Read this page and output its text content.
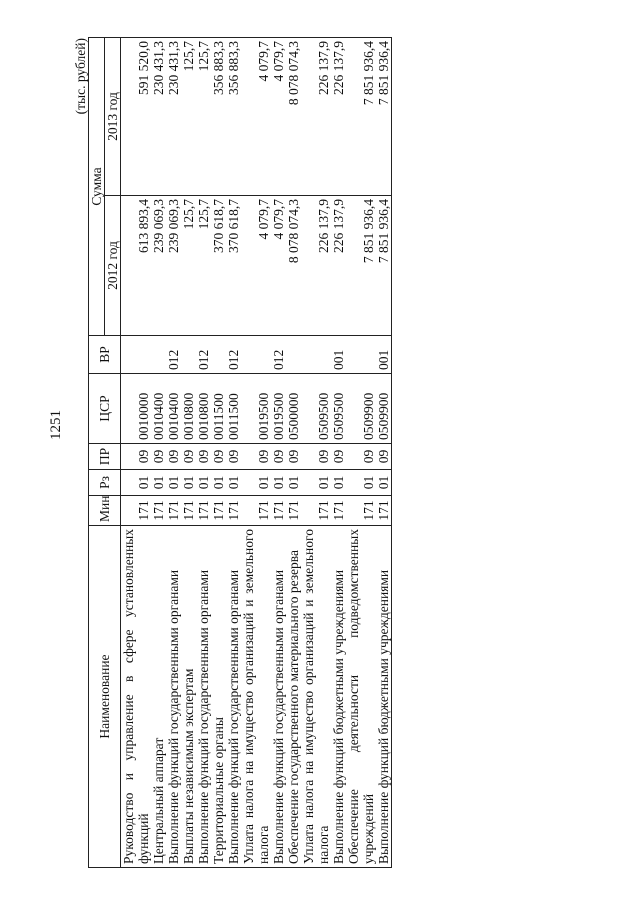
1251
(тыс. рублей)
Наименование	Мин	Рз	ПР	ЦСР	ВР	Сумма	
						2012 год	2013 год
Руководство и управление в сфере установленных функций	171	01	09	0010000		613 893,4	591 520,0
Центральный аппарат	171	01	09	0010400		239 069,3	230 431,3
Выполнение функций государственными органами	171	01	09	0010400	012	239 069,3	230 431,3
Выплаты независимым экспертам	171	01	09	0010800		125,7	125,7
Выполнение функций государственными органами	171	01	09	0010800	012	125,7	125,7
Территориальные органы	171	01	09	0011500		370 618,7	356 883,3
Выполнение функций государственными органами	171	01	09	0011500	012	370 618,7	356 883,3
Уплата налога на имущество организаций и земельного налога	171	01	09	0019500		4 079,7	4 079,7
Выполнение функций государственными органами	171	01	09	0019500	012	4 079,7	4 079,7
Обеспечение государственного материального резерва	171	01	09	0500000		8 078 074,3	8 078 074,3
Уплата налога на имущество организаций и земельного налога	171	01	09	0509500		226 137,9	226 137,9
Выполнение функций бюджетными учреждениями	171	01	09	0509500	001	226 137,9	226 137,9
Обеспечение деятельности подведомственных учреждений	171	01	09	0509900		7 851 936,4	7 851 936,4
Выполнение функций бюджетными учреждениями	171	01	09	0509900	001	7 851 936,4	7 851 936,4
